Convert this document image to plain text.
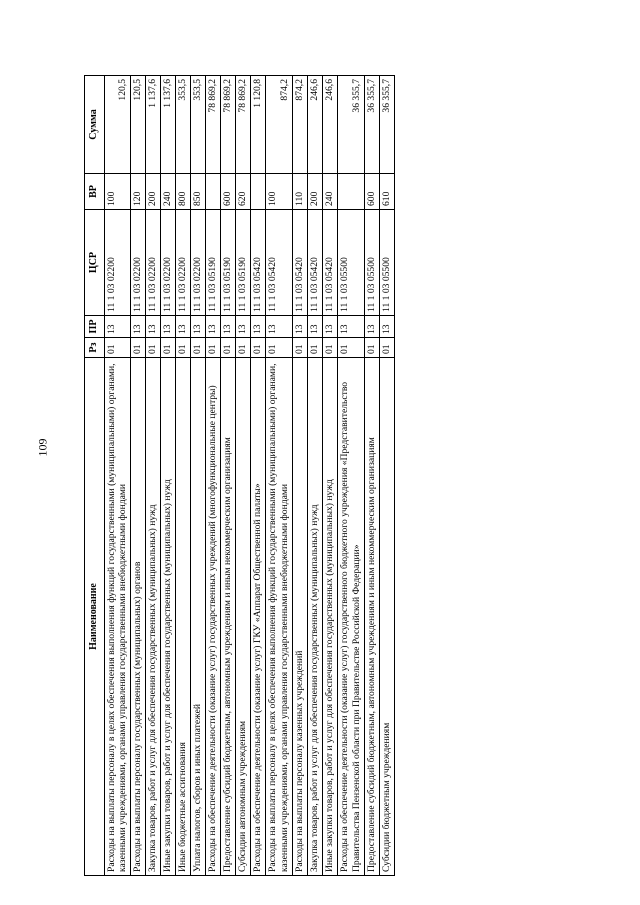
109
Наименование	Рз	ПР	ЦСР	ВР	Сумма
Расходы на выплаты персоналу в целях обеспечения выполнения функций государственными (муниципальными) органами, казенными учреждениями, органами управления государственными внебюджетными фондами	01	13	11 1 03 02200	100	120,5
Расходы на выплаты персоналу государственных (муниципальных) органов	01	13	11 1 03 02200	120	120,5
Закупка товаров, работ и услуг для обеспечения государственных (муниципальных) нужд	01	13	11 1 03 02200	200	1 137,6
Иные закупки товаров, работ и услуг для обеспечения государственных (муниципальных) нужд	01	13	11 1 03 02200	240	1 137,6
Иные бюджетные ассигнования	01	13	11 1 03 02200	800	353,5
Уплата налогов, сборов и иных платежей	01	13	11 1 03 02200	850	353,5
Расходы на обеспечение деятельности (оказание услуг) государственных учреждений (многофункциональные центры)	01	13	11 1 03 05190		78 869,2
Предоставление субсидий бюджетным, автономным учреждениям и иным некоммерческим организациям	01	13	11 1 03 05190	600	78 869,2
Субсидии автономным учреждениям	01	13	11 1 03 05190	620	78 869,2
Расходы на обеспечение деятельности (оказание услуг) ГКУ «Аппарат Общественной палаты»	01	13	11 1 03 05420		1 120,8
Расходы на выплаты персоналу в целях обеспечения выполнения функций государственными (муниципальными) органами, казенными учреждениями, органами управления государственными внебюджетными фондами	01	13	11 1 03 05420	100	874,2
Расходы на выплаты персоналу казенных учреждений	01	13	11 1 03 05420	110	874,2
Закупка товаров, работ и услуг для обеспечения государственных (муниципальных) нужд	01	13	11 1 03 05420	200	246,6
Иные закупки товаров, работ и услуг для обеспечения государственных (муниципальных) нужд	01	13	11 1 03 05420	240	246,6
Расходы на обеспечение деятельности (оказание услуг) государственного бюджетного учреждения «Представительство Правительства Пензенской области при Правительстве Российской Федерации»	01	13	11 1 03 05500		36 355,7
Предоставление субсидий бюджетным, автономным учреждениям и иным некоммерческим организациям	01	13	11 1 03 05500	600	36 355,7
Субсидии бюджетным учреждениям	01	13	11 1 03 05500	610	36 355,7
